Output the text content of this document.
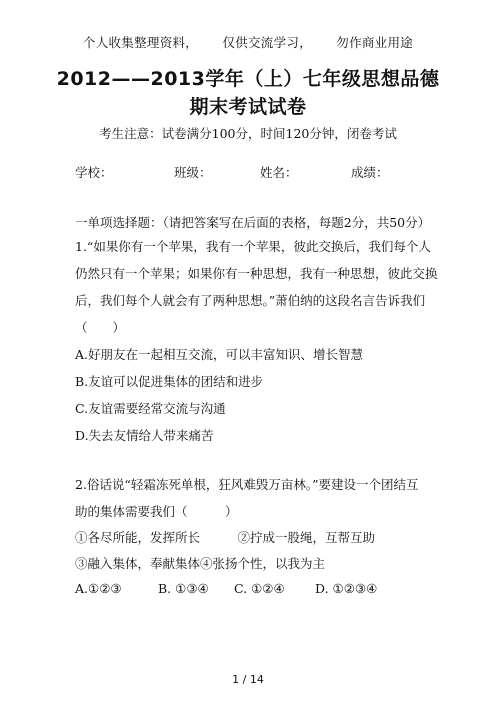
个人收集整理资料， 仅供交流学习， 勿作商业用途
2012——2013学年（上）七年级思想品德
期末考试试卷
考生注意：试卷满分100分，时间120分钟，闭卷考试
学校：	班级：	姓名：	成绩：
一单项选择题：（请把答案写在后面的表格，每题2分，共50分）
1.“如果你有一个苹果，我有一个苹果，彼此交换后，我们每个人
仍然只有一个苹果；如果你有一种思想，我有一种思想，彼此交换
后，我们每个人就会有了两种思想。”萧伯纳的这段名言告诉我们
（　　）
A.好朋友在一起相互交流，可以丰富知识、增长智慧
B.友谊可以促进集体的团结和进步
C.友谊需要经常交流与沟通
D.失去友情给人带来痛苦
2.俗话说“轻霜冻死单根，狂风难毁万亩林。”要建设一个团结互
助的集体需要我们（　　　）
①各尽所能，发挥所长　　　②拧成一股绳，互帮互助
③融入集体，奉献集体④张扬个性，以我为主
A.①②③	B. ①③④ C. ①②④ D. ①②③④
1 / 14
